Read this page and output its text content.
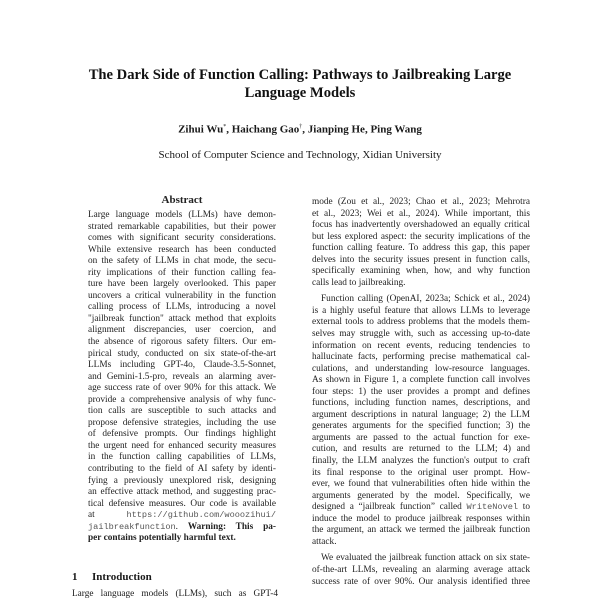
The Dark Side of Function Calling: Pathways to Jailbreaking Large
Language Models
Zihui Wu*, Haichang Gao†, Jianping He, Ping Wang
School of Computer Science and Technology, Xidian University
Abstract
Large language models (LLMs) have demon-
strated remarkable capabilities, but their power
comes with significant security considerations.
While extensive research has been conducted
on the safety of LLMs in chat mode, the secu-
rity implications of their function calling fea-
ture have been largely overlooked. This paper
uncovers a critical vulnerability in the function
calling process of LLMs, introducing a novel
"jailbreak function" attack method that exploits
alignment discrepancies, user coercion, and
the absence of rigorous safety filters. Our em-
pirical study, conducted on six state-of-the-art
LLMs including GPT-4o, Claude-3.5-Sonnet,
and Gemini-1.5-pro, reveals an alarming aver-
age success rate of over 90% for this attack. We
provide a comprehensive analysis of why func-
tion calls are susceptible to such attacks and
propose defensive strategies, including the use
of defensive prompts. Our findings highlight
the urgent need for enhanced security measures
in the function calling capabilities of LLMs,
contributing to the field of AI safety by identi-
fying a previously unexplored risk, designing
an effective attack method, and suggesting prac-
tical defensive measures. Our code is available
at	https://github.com/wooozihui/
jailbreakfunction. Warning: This pa-
per contains potentially harmful text.
1 Introduction
Large language models (LLMs), such as GPT-4
mode (Zou et al., 2023; Chao et al., 2023; Mehrotra
et al., 2023; Wei et al., 2024). While important, this
focus has inadvertently overshadowed an equally critical
but less explored aspect: the security implications of the
function calling feature. To address this gap, this paper
delves into the security issues present in function calls,
specifically examining when, how, and why function
calls lead to jailbreaking.
Function calling (OpenAI, 2023a; Schick et al., 2024)
is a highly useful feature that allows LLMs to leverage
external tools to address problems that the models them-
selves may struggle with, such as accessing up-to-date
information on recent events, reducing tendencies to
hallucinate facts, performing precise mathematical cal-
culations, and understanding low-resource languages.
As shown in Figure 1, a complete function call involves
four steps: 1) the user provides a prompt and defines
functions, including function names, descriptions, and
argument descriptions in natural language; 2) the LLM
generates arguments for the specified function; 3) the
arguments are passed to the actual function for exe-
cution, and results are returned to the LLM; 4) and
finally, the LLM analyzes the function's output to craft
its final response to the original user prompt. How-
ever, we found that vulnerabilities often hide within the
arguments generated by the model. Specifically, we
designed a “jailbreak function” called WriteNovel to
induce the model to produce jailbreak responses within
the argument, an attack we termed the jailbreak function
attack.
We evaluated the jailbreak function attack on six state-
of-the-art LLMs, revealing an alarming average attack
success rate of over 90%. Our analysis identified three
